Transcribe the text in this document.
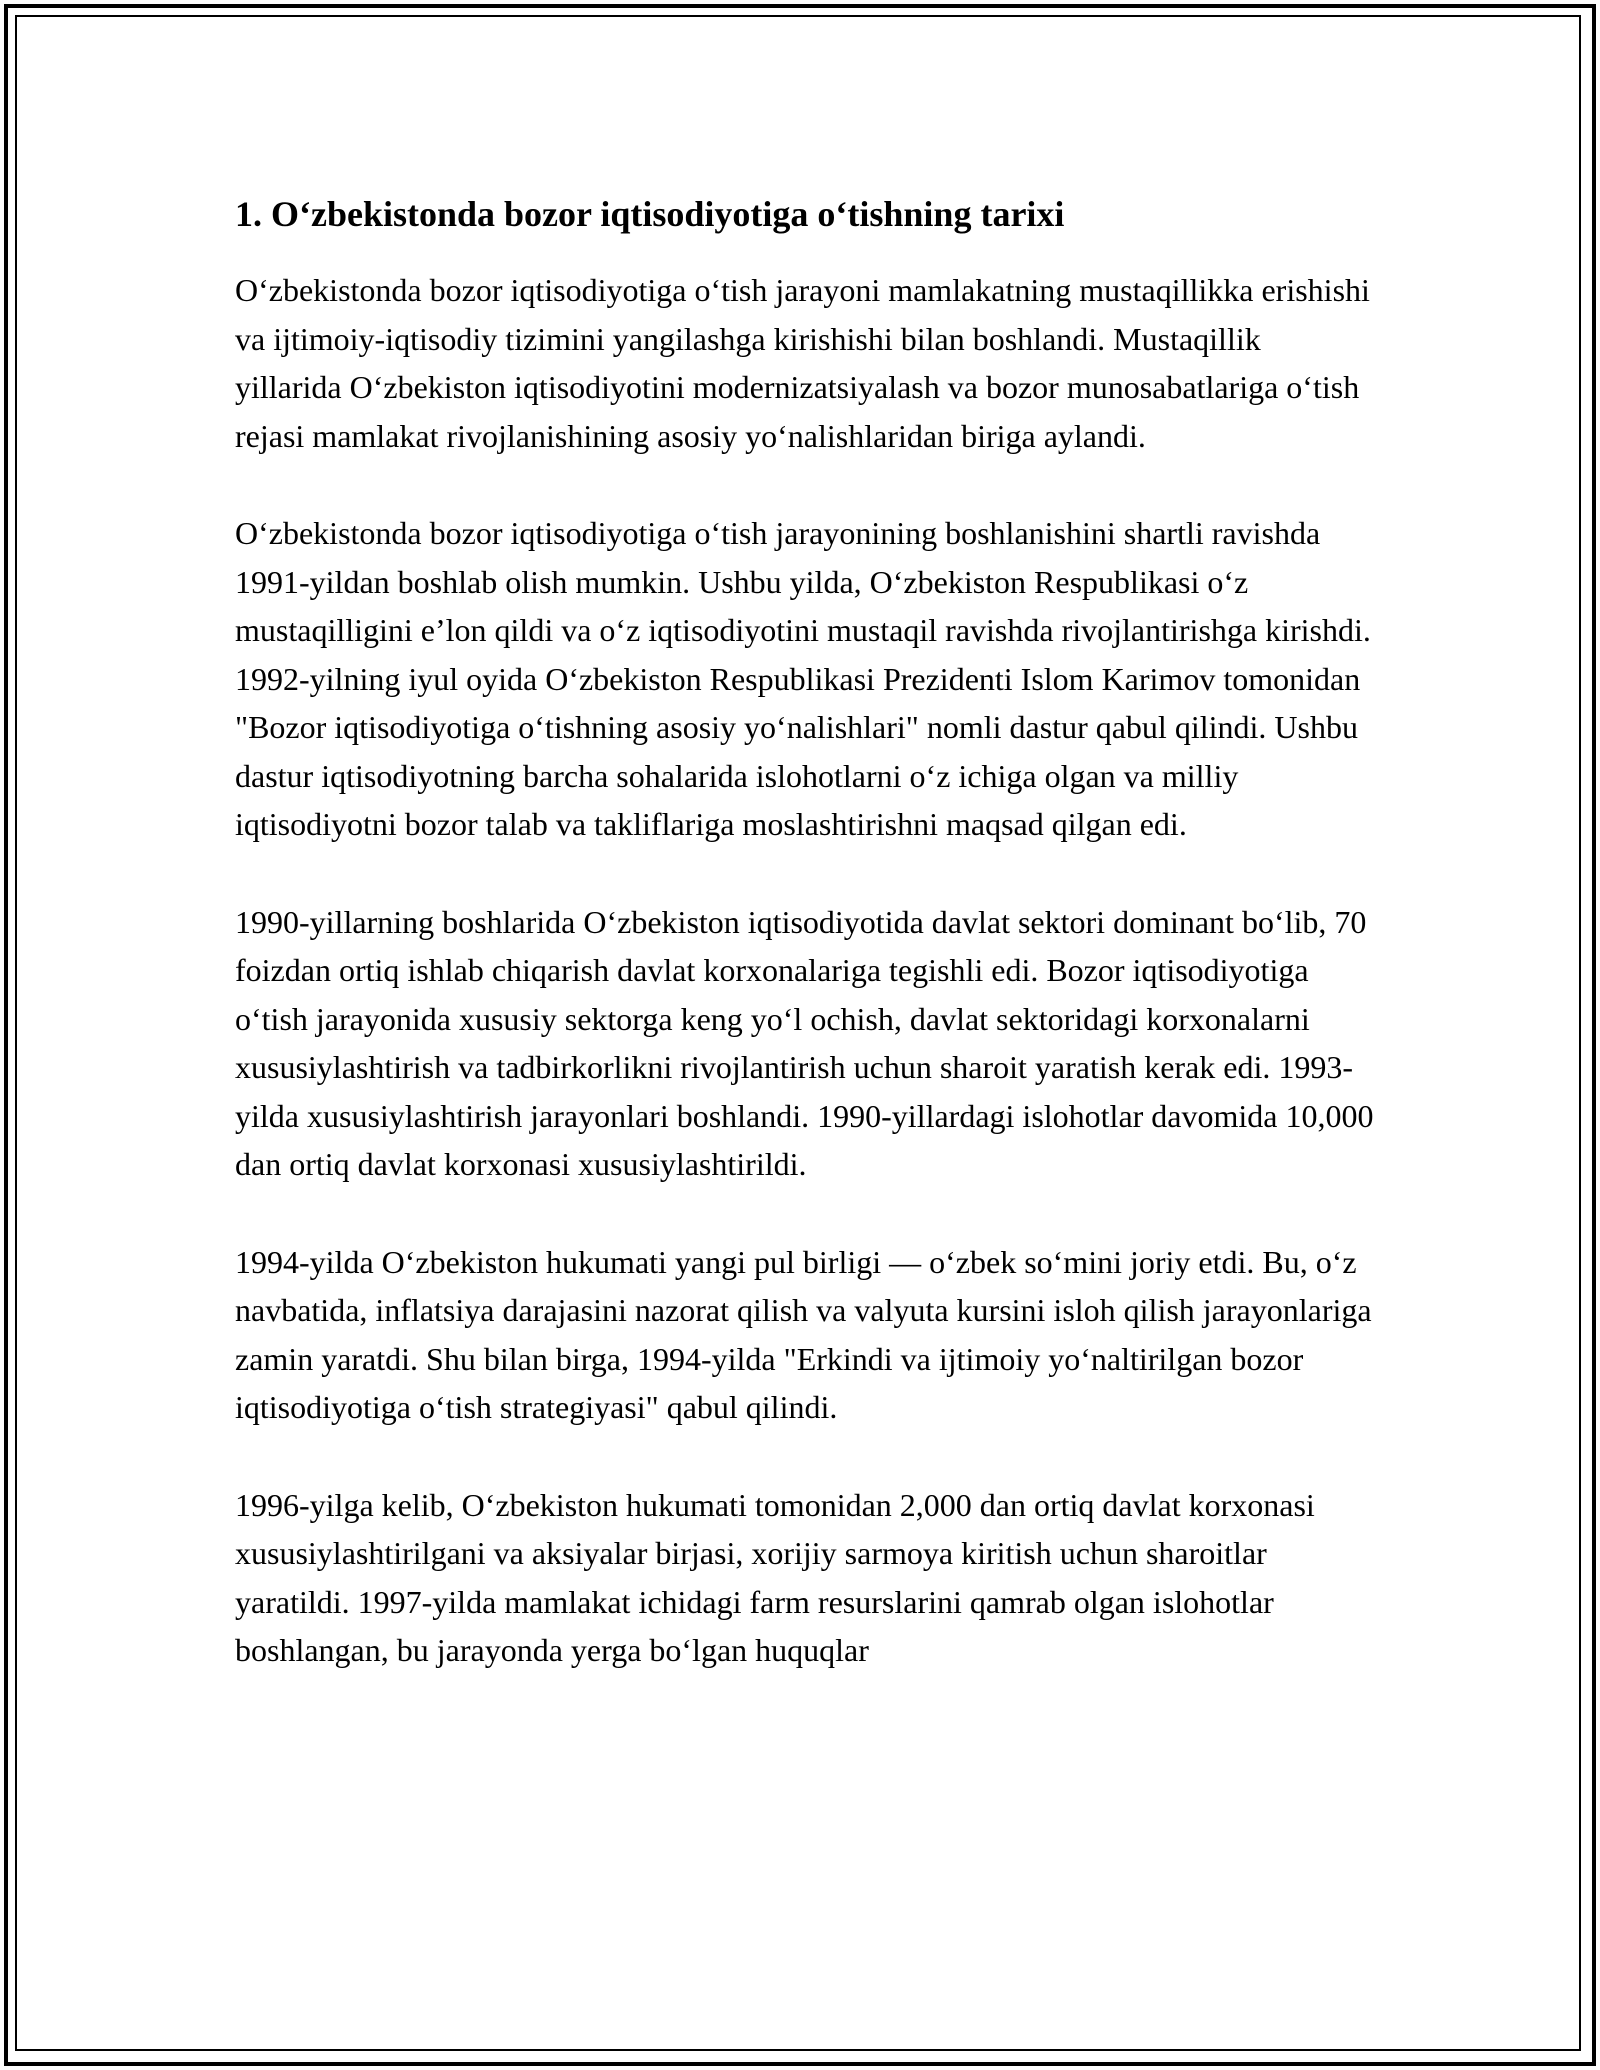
1. O‘zbekistonda bozor iqtisodiyotiga o‘tishning tarixi

O‘zbekistonda bozor iqtisodiyotiga o‘tish jarayoni mamlakatning mustaqillikka erishishi va ijtimoiy-iqtisodiy tizimini yangilashga kirishishi bilan boshlandi. Mustaqillik yillarida O‘zbekiston iqtisodiyotini modernizatsiyalash va bozor munosabatlariga o‘tish rejasi mamlakat rivojlanishining asosiy yo‘nalishlaridan biriga aylandi.

O‘zbekistonda bozor iqtisodiyotiga o‘tish jarayonining boshlanishini shartli ravishda 1991-yildan boshlab olish mumkin. Ushbu yilda, O‘zbekiston Respublikasi o‘z mustaqilligini e’lon qildi va o‘z iqtisodiyotini mustaqil ravishda rivojlantirishga kirishdi. 1992-yilning iyul oyida O‘zbekiston Respublikasi Prezidenti Islom Karimov tomonidan "Bozor iqtisodiyotiga o‘tishning asosiy yo‘nalishlari" nomli dastur qabul qilindi. Ushbu dastur iqtisodiyotning barcha sohalarida islohotlarni o‘z ichiga olgan va milliy iqtisodiyotni bozor talab va takliflariga moslashtirishni maqsad qilgan edi.

1990-yillarning boshlarida O‘zbekiston iqtisodiyotida davlat sektori dominant bo‘lib, 70 foizdan ortiq ishlab chiqarish davlat korxonalariga tegishli edi. Bozor iqtisodiyotiga o‘tish jarayonida xususiy sektorga keng yo‘l ochish, davlat sektoridagi korxonalarni xususiylashtirish va tadbirkorlikni rivojlantirish uchun sharoit yaratish kerak edi. 1993-yilda xususiylashtirish jarayonlari boshlandi. 1990-yillardagi islohotlar davomida 10,000 dan ortiq davlat korxonasi xususiylashtirildi.

1994-yilda O‘zbekiston hukumati yangi pul birligi — o‘zbek so‘mini joriy etdi. Bu, o‘z navbatida, inflatsiya darajasini nazorat qilish va valyuta kursini isloh qilish jarayonlariga zamin yaratdi. Shu bilan birga, 1994-yilda "Erkindi va ijtimoiy yo‘naltirilgan bozor iqtisodiyotiga o‘tish strategiyasi" qabul qilindi.

1996-yilga kelib, O‘zbekiston hukumati tomonidan 2,000 dan ortiq davlat korxonasi xususiylashtirilgani va aksiyalar birjasi, xorijiy sarmoya kiritish uchun sharoitlar yaratildi. 1997-yilda mamlakat ichidagi farm resurslarini qamrab olgan islohotlar boshlangan, bu jarayonda yerga bo‘lgan huquqlar
